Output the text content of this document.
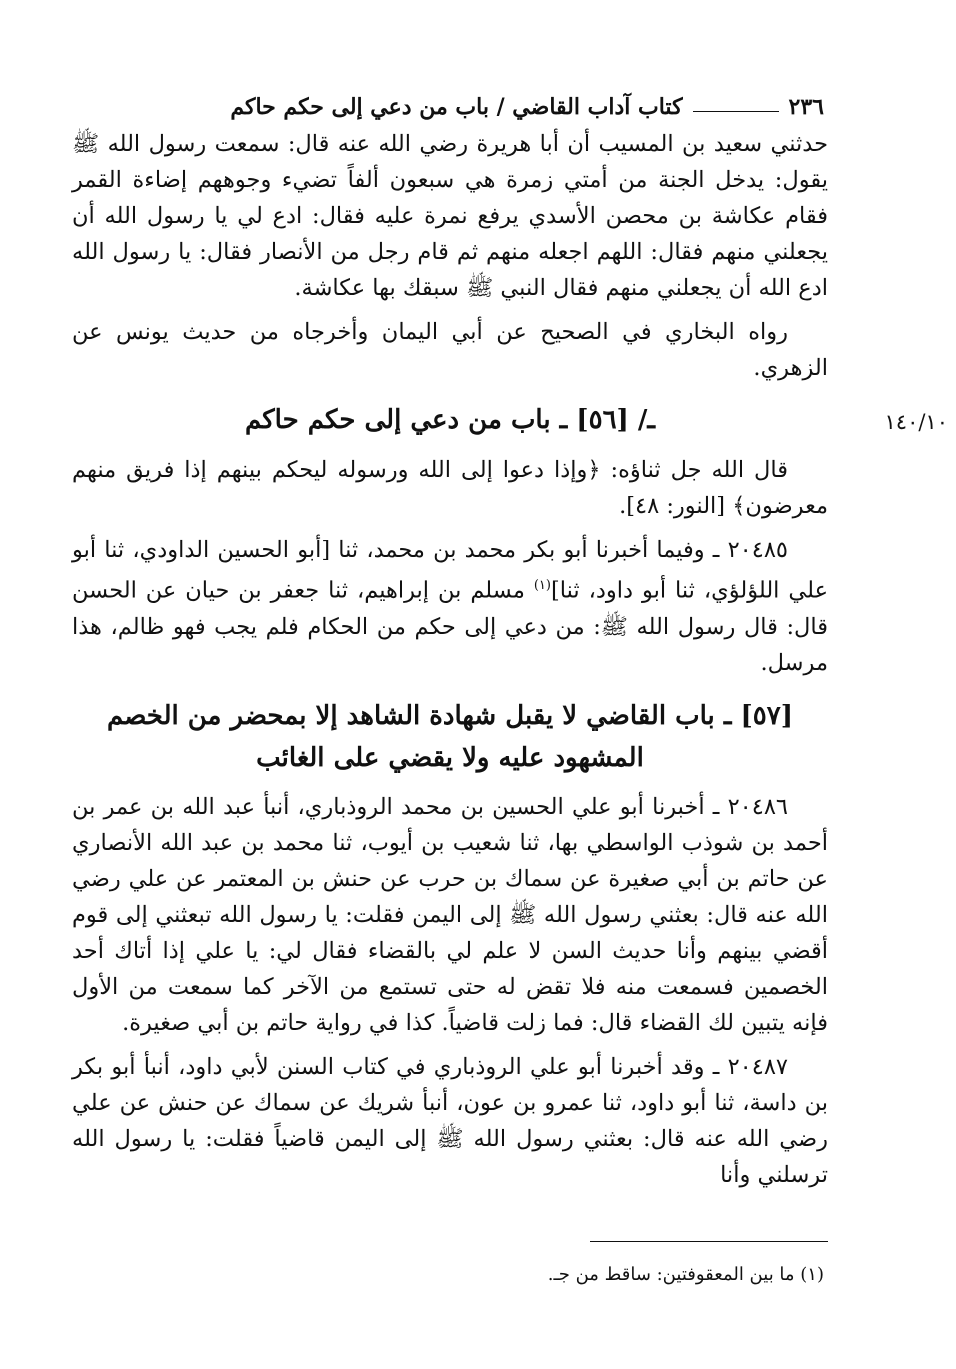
٢٣٦
كتاب آداب القاضي / باب من دعي إلى حكم حاكم

حدثني سعيد بن المسيب أن أبا هريرة رضي الله عنه قال: سمعت رسول الله ﷺ يقول: يدخل الجنة من أمتي زمرة هي سبعون ألفاً تضيء وجوههم إضاءة القمر فقام عكاشة بن محصن الأسدي يرفع نمرة عليه فقال: ادع لي يا رسول الله أن يجعلني منهم فقال: اللهم اجعله منهم ثم قام رجل من الأنصار فقال: يا رسول الله ادع الله أن يجعلني منهم فقال النبي ﷺ سبقك بها عكاشة.

رواه البخاري في الصحيح عن أبي اليمان وأخرجاه من حديث يونس عن الزهري.

ـ/ [٥٦] ـ باب من دعي إلى حكم حاكم	١٤٠/١٠

قال الله جل ثناؤه: ﴿وإذا دعوا إلى الله ورسوله ليحكم بينهم إذا فريق منهم معرضون﴾ [النور: ٤٨].

٢٠٤٨٥ ـ وفيما أخبرنا أبو بكر محمد بن محمد، ثنا [أبو الحسين الداودي، ثنا أبو علي اللؤلؤي، ثنا أبو داود، ثنا]$^{(١)}$ مسلم بن إبراهيم، ثنا جعفر بن حيان عن الحسن قال: قال رسول الله ﷺ: من دعي إلى حكم من الحكام فلم يجب فهو ظالم، هذا مرسل.

[٥٧] ـ باب القاضي لا يقبل شهادة الشاهد إلا بمحضر من الخصم
المشهود عليه ولا يقضي على الغائب

٢٠٤٨٦ ـ أخبرنا أبو علي الحسين بن محمد الروذباري، أنبأ عبد الله بن عمر بن أحمد بن شوذب الواسطي بها، ثنا شعيب بن أيوب، ثنا محمد بن عبد الله الأنصاري عن حاتم بن أبي صغيرة عن سماك بن حرب عن حنش بن المعتمر عن علي رضي الله عنه قال: بعثني رسول الله ﷺ إلى اليمن فقلت: يا رسول الله تبعثني إلى قوم أقضي بينهم وأنا حديث السن لا علم لي بالقضاء فقال لي: يا علي إذا أتاك أحد الخصمين فسمعت منه فلا تقض له حتى تستمع من الآخر كما سمعت من الأول فإنه يتبين لك القضاء قال: فما زلت قاضياً. كذا في رواية حاتم بن أبي صغيرة.

٢٠٤٨٧ ـ وقد أخبرنا أبو علي الروذباري في كتاب السنن لأبي داود، أنبأ أبو بكر بن داسة، ثنا أبو داود، ثنا عمرو بن عون، أنبأ شريك عن سماك عن حنش عن علي رضي الله عنه قال: بعثني رسول الله ﷺ إلى اليمن قاضياً فقلت: يا رسول الله ترسلني وأنا

(١) ما بين المعقوفتين: ساقط من جـ.
